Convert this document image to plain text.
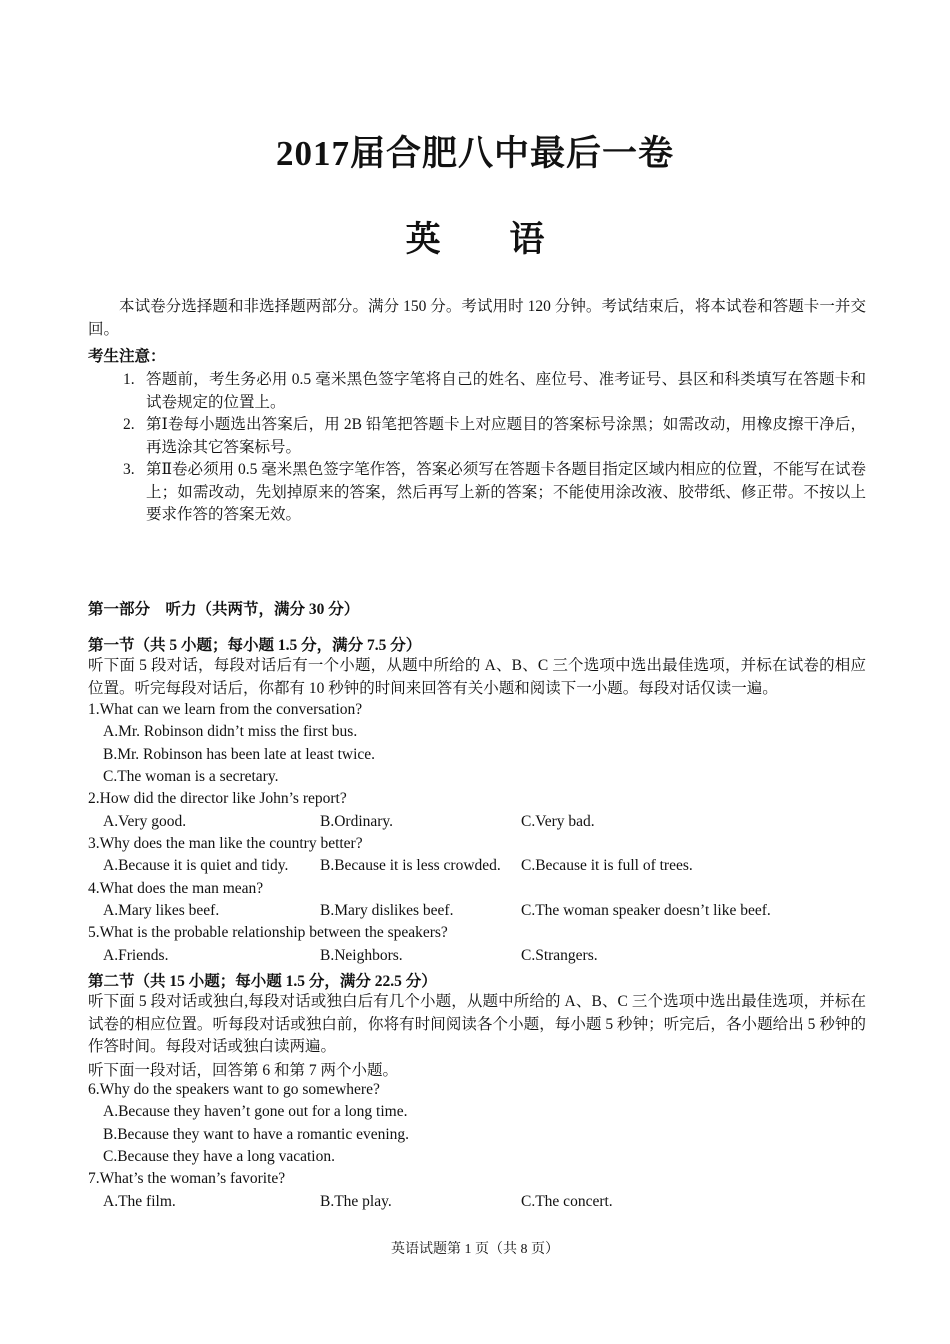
2017届合肥八中最后一卷
英 语

本试卷分选择题和非选择题两部分。满分 150 分。考试用时 120 分钟。考试结束后，将本试卷和答题卡一并交回。

考生注意：
1. 答题前，考生务必用 0.5 毫米黑色签字笔将自己的姓名、座位号、准考证号、县区和科类填写在答题卡和试卷规定的位置上。
2. 第Ⅰ卷每小题选出答案后，用 2B 铅笔把答题卡上对应题目的答案标号涂黑；如需改动，用橡皮擦干净后，再选涂其它答案标号。
3. 第Ⅱ卷必须用 0.5 毫米黑色签字笔作答，答案必须写在答题卡各题目指定区域内相应的位置，不能写在试卷上；如需改动，先划掉原来的答案，然后再写上新的答案；不能使用涂改液、胶带纸、修正带。不按以上要求作答的答案无效。
第一部分　听力（共两节，满分 30 分）
第一节（共 5 小题；每小题 1.5 分，满分 7.5 分）
听下面 5 段对话，每段对话后有一个小题，从题中所给的 A、B、C 三个选项中选出最佳选项，并标在试卷的相应位置。听完每段对话后，你都有 10 秒钟的时间来回答有关小题和阅读下一小题。每段对话仅读一遍。
1.What can we learn from the conversation?
A.Mr. Robinson didn’t miss the first bus.
B.Mr. Robinson has been late at least twice.
C.The woman is a secretary.
2.How did the director like John’s report?
A.Very good.	B.Ordinary.	C.Very bad.
3.Why does the man like the country better?
A.Because it is quiet and tidy. B.Because it is less crowded. C.Because it is full of trees.
4.What does the man mean?
A.Mary likes beef.	B.Mary dislikes beef.	C.The woman speaker doesn’t like beef.
5.What is the probable relationship between the speakers?
A.Friends.	B.Neighbors.	C.Strangers.
第二节（共 15 小题；每小题 1.5 分，满分 22.5 分）
听下面 5 段对话或独白,每段对话或独白后有几个小题，从题中所给的 A、B、C 三个选项中选出最佳选项，并标在试卷的相应位置。听每段对话或独白前，你将有时间阅读各个小题，每小题 5 秒钟；听完后，各小题给出 5 秒钟的作答时间。每段对话或独白读两遍。
听下面一段对话，回答第 6 和第 7 两个小题。
6.Why do the speakers want to go somewhere?
A.Because they haven’t gone out for a long time.
B.Because they want to have a romantic evening.
C.Because they have a long vacation.
7.What’s the woman’s favorite?
A.The film.	B.The play.	C.The concert.
英语试题第 1 页（共 8 页）
